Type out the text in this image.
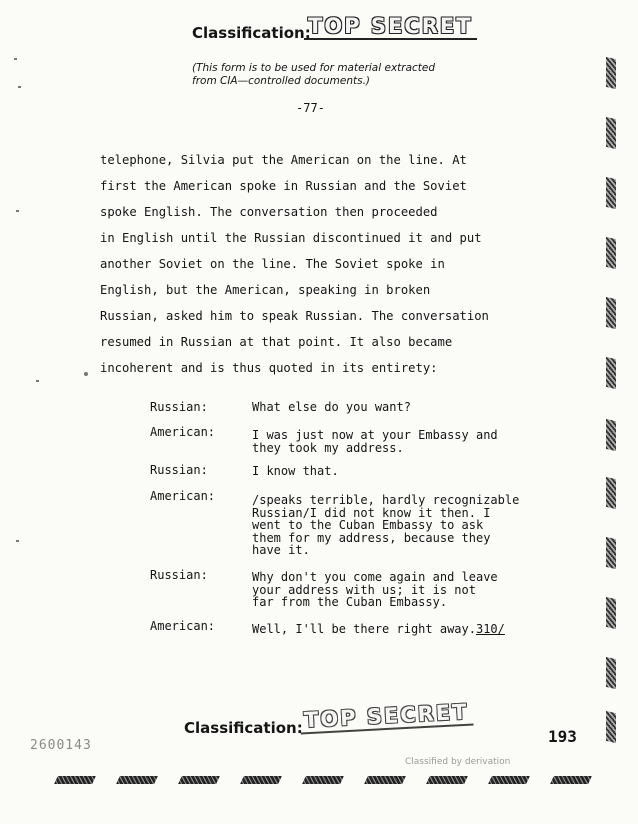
Classification:
TOP SECRET
(This form is to be used for material extracted
from CIA—controlled documents.)
-77-
telephone, Silvia put the American on the line. At
first the American spoke in Russian and the Soviet
spoke English. The conversation then proceeded
in English until the Russian discontinued it and put
another Soviet on the line. The Soviet spoke in
English, but the American, speaking in broken
Russian, asked him to speak Russian. The conversation
resumed in Russian at that point. It also became
incoherent and is thus quoted in its entirety:
Russian:	What else do you want?
American:	I was just now at your Embassy and
they took my address.
Russian:	I know that.
American:	/speaks terrible, hardly recognizable
Russian/I did not know it then. I
went to the Cuban Embassy to ask
them for my address, because they
have it.
Russian:	Why don't you come again and leave
your address with us; it is not
far from the Cuban Embassy.
American:	Well, I'll be there right away.310/
Classification: TOP SECRET
2600143	193
Classified by derivation
